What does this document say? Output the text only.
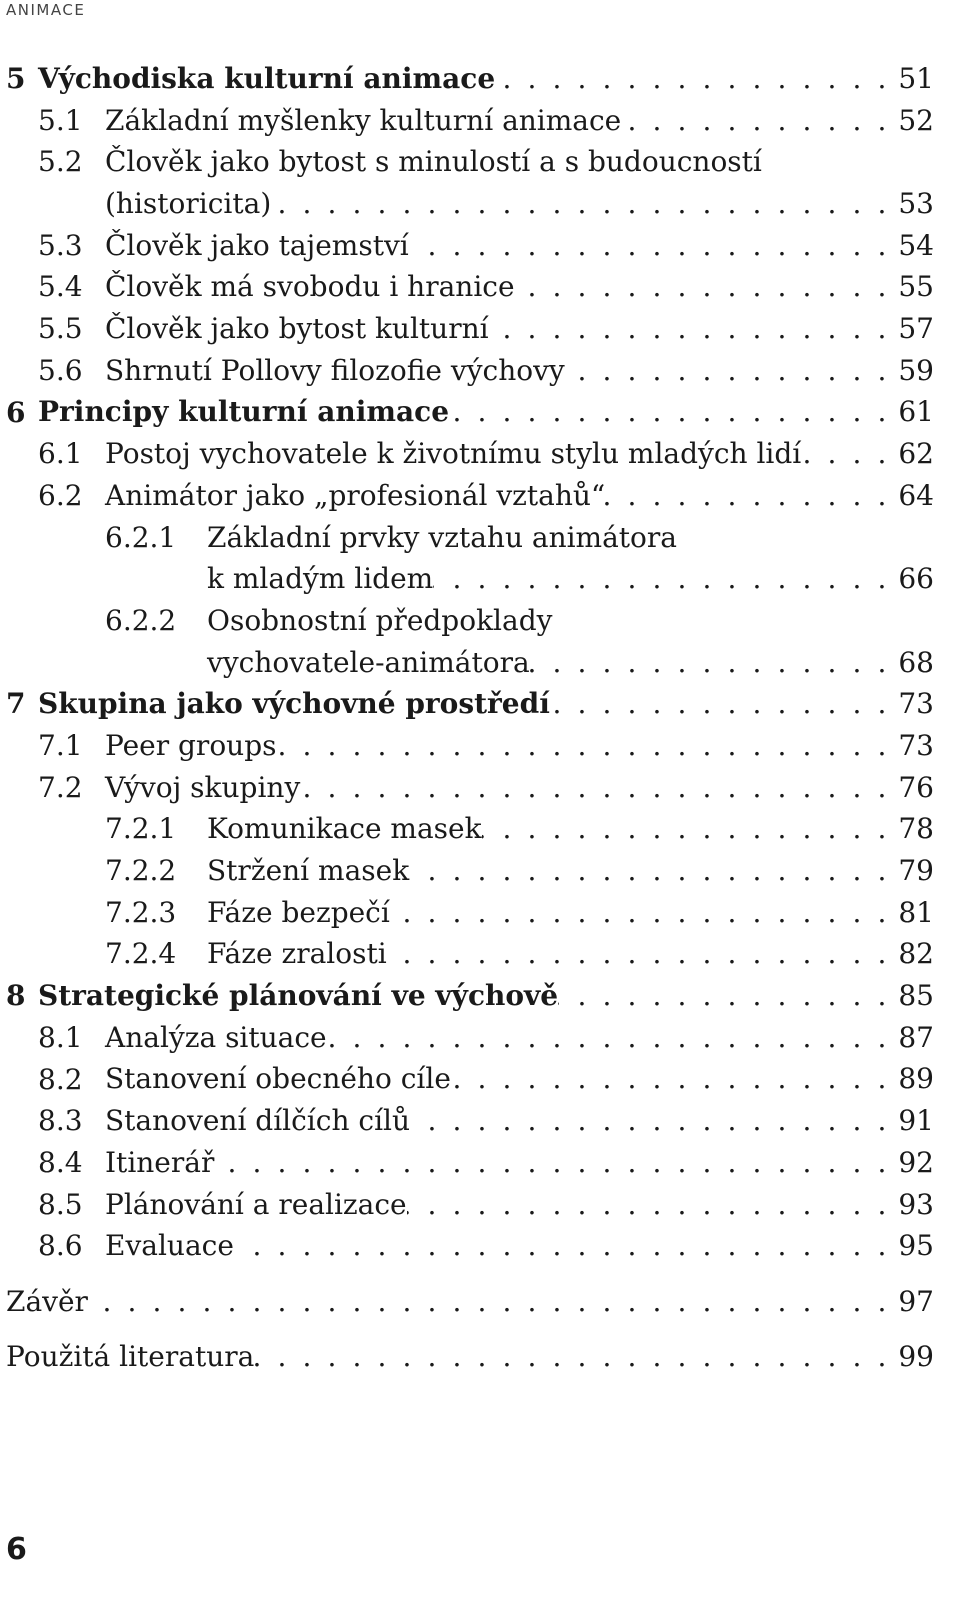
ANIMACE
5 Východiska kulturní animace . . .	51
5.1 Základní myšlenky kulturní animace . . .	52
5.2 Člověk jako bytost s minulostí a s budoucností
(historicita) . . .	53
5.3 Člověk jako tajemství . . .	54
5.4 Člověk má svobodu i hranice . . .	55
5.5 Člověk jako bytost kulturní . . .	57
5.6 Shrnutí Pollovy filozofie výchovy . . .	59
6 Principy kulturní animace . . .	61
6.1 Postoj vychovatele k životnímu stylu mladých lidí . . .	62
6.2 Animátor jako „profesionál vztahů“ . . .	64
6.2.1 Základní prvky vztahu animátora
k mladým lidem . . .	66
6.2.2 Osobnostní předpoklady
vychovatele-animátora . . .	68
7 Skupina jako výchovné prostředí . . .	73
7.1 Peer groups . . .	73
7.2 Vývoj skupiny . . .	76
7.2.1 Komunikace masek . . .	78
7.2.2 Stržení masek . . .	79
7.2.3 Fáze bezpečí . . .	81
7.2.4 Fáze zralosti . . .	82
8 Strategické plánování ve výchově . . .	85
8.1 Analýza situace . . .	87
8.2 Stanovení obecného cíle . . .	89
8.3 Stanovení dílčích cílů . . .	91
8.4 Itinerář . . .	92
8.5 Plánování a realizace . . .	93
8.6 Evaluace . . .	95
Závěr . . .	97
Použitá literatura . . .	99
6
